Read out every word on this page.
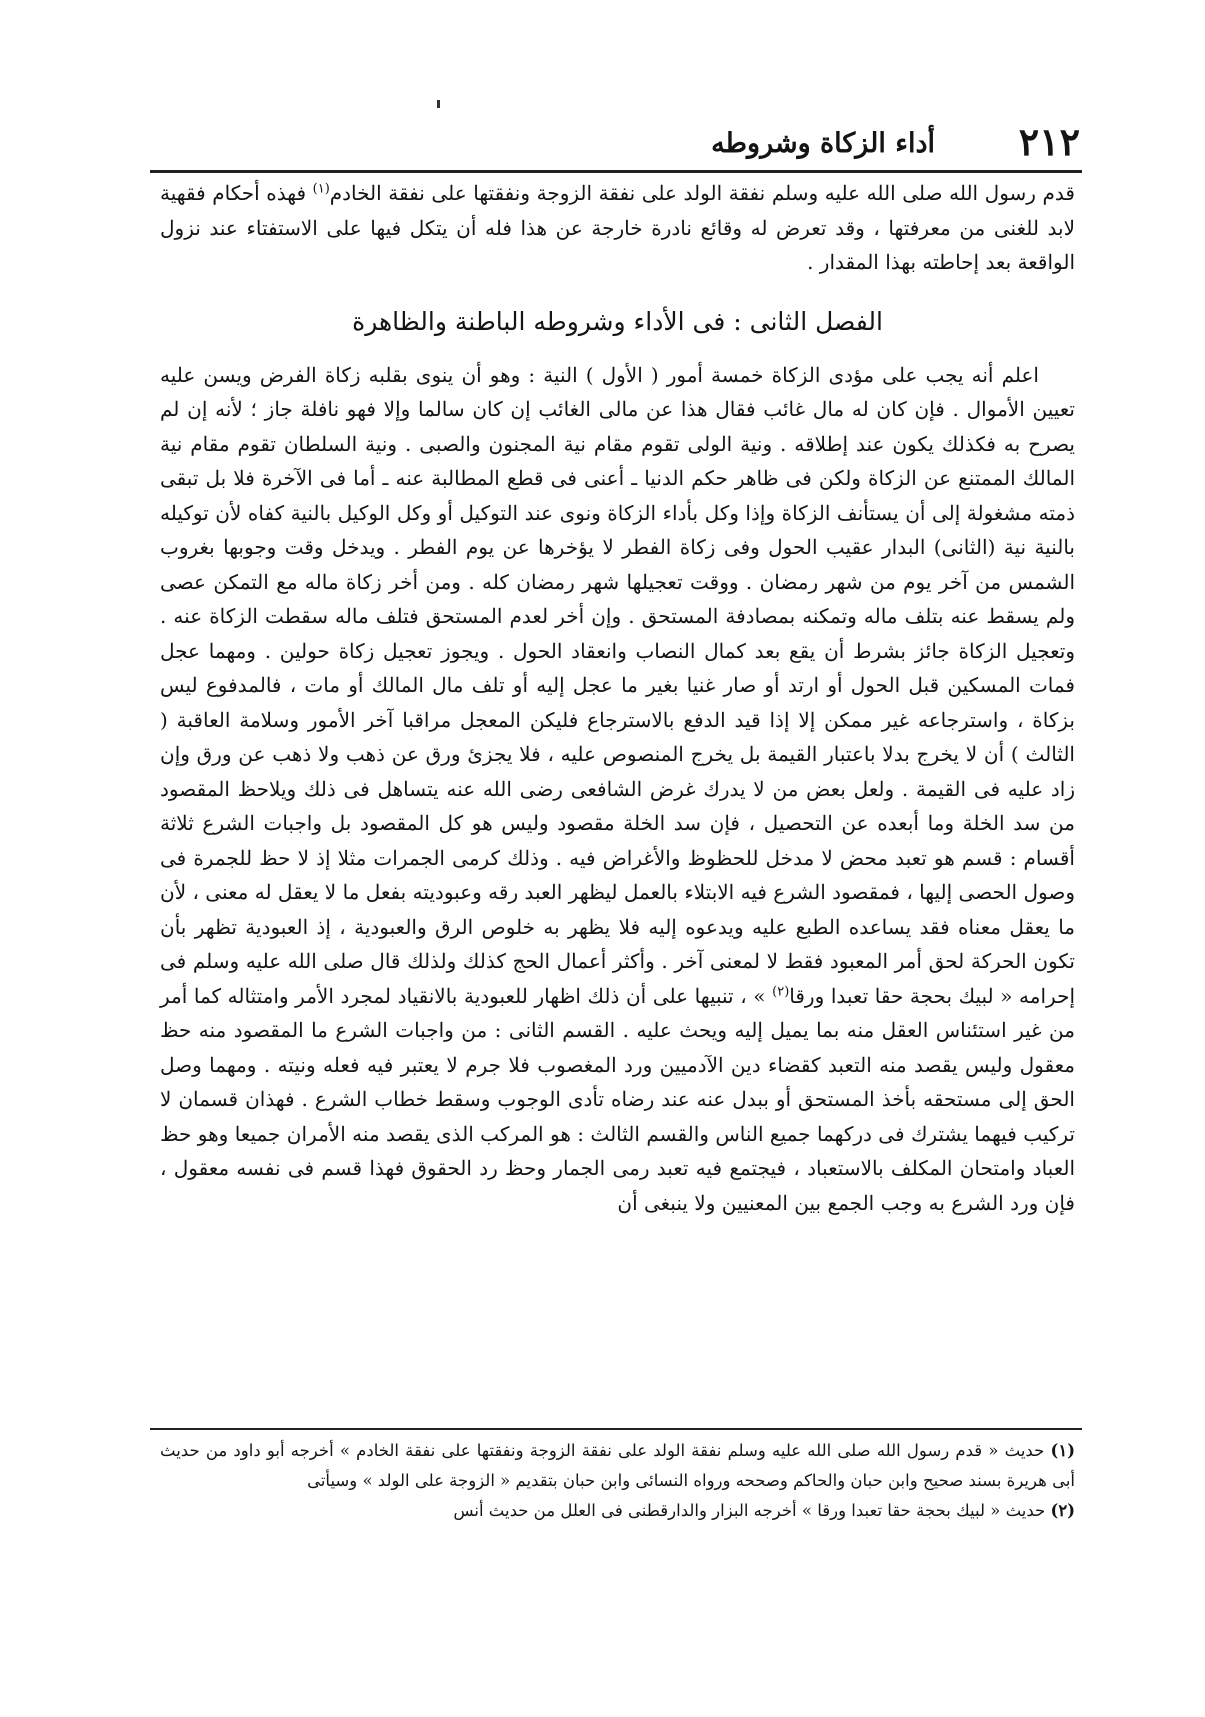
٢١٢
أداء الزكاة وشروطه

قدم رسول الله صلى الله عليه وسلم نفقة الولد على نفقة الزوجة ونفقتها على نفقة الخادم$^{(١)}$ فهذه أحكام فقهية لابد للغنى من معرفتها ، وقد تعرض له وقائع نادرة خارجة عن هذا فله أن يتكل فيها على الاستفتاء عند نزول الواقعة بعد إحاطته بهذا المقدار .

الفصل الثانى : فى الأداء وشروطه الباطنة والظاهرة

اعلم أنه يجب على مؤدى الزكاة خمسة أمور ( الأول ) النية : وهو أن ينوى بقلبه زكاة الفرض ويسن عليه تعيين الأموال . فإن كان له مال غائب فقال هذا عن مالى الغائب إن كان سالما وإلا فهو نافلة جاز ؛ لأنه إن لم يصرح به فكذلك يكون عند إطلاقه . ونية الولى تقوم مقام نية المجنون والصبى . ونية السلطان تقوم مقام نية المالك الممتنع عن الزكاة ولكن فى ظاهر حكم الدنيا ـ أعنى فى قطع المطالبة عنه ـ أما فى الآخرة فلا بل تبقى ذمته مشغولة إلى أن يستأنف الزكاة وإذا وكل بأداء الزكاة ونوى عند التوكيل أو وكل الوكيل بالنية كفاه لأن توكيله بالنية نية (الثانى) البدار عقيب الحول وفى زكاة الفطر لا يؤخرها عن يوم الفطر . ويدخل وقت وجوبها بغروب الشمس من آخر يوم من شهر رمضان . ووقت تعجيلها شهر رمضان كله . ومن أخر زكاة ماله مع التمكن عصى ولم يسقط عنه بتلف ماله وتمكنه بمصادفة المستحق . وإن أخر لعدم المستحق فتلف ماله سقطت الزكاة عنه . وتعجيل الزكاة جائز بشرط أن يقع بعد كمال النصاب وانعقاد الحول . ويجوز تعجيل زكاة حولين . ومهما عجل فمات المسكين قبل الحول أو ارتد أو صار غنيا بغير ما عجل إليه أو تلف مال المالك أو مات ، فالمدفوع ليس بزكاة ، واسترجاعه غير ممكن إلا إذا قيد الدفع بالاسترجاع فليكن المعجل مراقبا آخر الأمور وسلامة العاقبة ( الثالث ) أن لا يخرج بدلا باعتبار القيمة بل يخرج المنصوص عليه ، فلا يجزئ ورق عن ذهب ولا ذهب عن ورق وإن زاد عليه فى القيمة . ولعل بعض من لا يدرك غرض الشافعى رضى الله عنه يتساهل فى ذلك ويلاحظ المقصود من سد الخلة وما أبعده عن التحصيل ، فإن سد الخلة مقصود وليس هو كل المقصود بل واجبات الشرع ثلاثة أقسام : قسم هو تعبد محض لا مدخل للحظوظ والأغراض فيه . وذلك كرمى الجمرات مثلا إذ لا حظ للجمرة فى وصول الحصى إليها ، فمقصود الشرع فيه الابتلاء بالعمل ليظهر العبد رقه وعبوديته بفعل ما لا يعقل له معنى ، لأن ما يعقل معناه فقد يساعده الطبع عليه ويدعوه إليه فلا يظهر به خلوص الرق والعبودية ، إذ العبودية تظهر بأن تكون الحركة لحق أمر المعبود فقط لا لمعنى آخر . وأكثر أعمال الحج كذلك ولذلك قال صلى الله عليه وسلم فى إحرامه « لبيك بحجة حقا تعبدا ورقا$^{(٢)}$ » ، تنبيها على أن ذلك اظهار للعبودية بالانقياد لمجرد الأمر وامتثاله كما أمر من غير استئناس العقل منه بما يميل إليه ويحث عليه . القسم الثانى : من واجبات الشرع ما المقصود منه حظ معقول وليس يقصد منه التعبد كقضاء دين الآدميين ورد المغصوب فلا جرم لا يعتبر فيه فعله ونيته . ومهما وصل الحق إلى مستحقه بأخذ المستحق أو ببدل عنه عند رضاه تأدى الوجوب وسقط خطاب الشرع . فهذان قسمان لا تركيب فيهما يشترك فى دركهما جميع الناس والقسم الثالث : هو المركب الذى يقصد منه الأمران جميعا وهو حظ العباد وامتحان المكلف بالاستعباد ، فيجتمع فيه تعبد رمى الجمار وحظ رد الحقوق فهذا قسم فى نفسه معقول ، فإن ورد الشرع به وجب الجمع بين المعنيين ولا ينبغى أن

(١) حديث « قدم رسول الله صلى الله عليه وسلم نفقة الولد على نفقة الزوجة ونفقتها على نفقة الخادم » أخرجه أبو داود من حديث أبى هريرة بسند صحيح وابن حبان والحاكم وصححه ورواه النسائى وابن حبان بتقديم « الزوجة على الولد » وسيأتى

(٢) حديث « لبيك بحجة حقا تعبدا ورقا » أخرجه البزار والدارقطنى فى العلل من حديث أنس
